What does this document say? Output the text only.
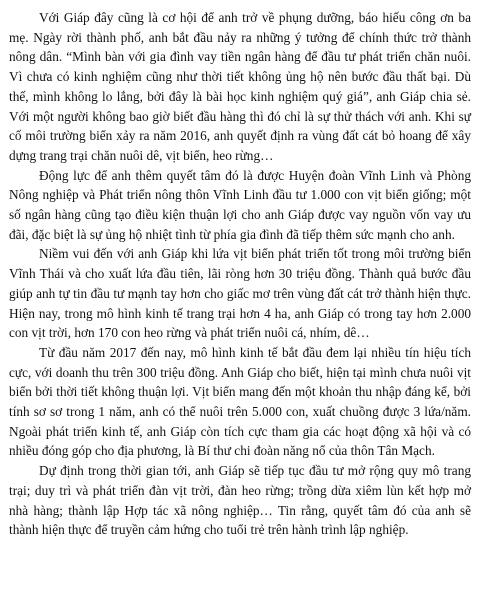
Với Giáp đây cũng là cơ hội để anh trở về phụng dưỡng, báo hiếu công ơn ba mẹ. Ngày rời thành phố, anh bắt đầu nảy ra những ý tưởng để chính thức trở thành nông dân. “Mình bàn với gia đình vay tiền ngân hàng để đầu tư phát triển chăn nuôi. Vì chưa có kinh nghiệm cũng như thời tiết không ủng hộ nên bước đầu thất bại. Dù thế, mình không lo lắng, bởi đây là bài học kinh nghiệm quý giá”, anh Giáp chia sẻ. Với một người không bao giờ biết đầu hàng thì đó chỉ là sự thử thách với anh. Khi sự cố môi trường biển xảy ra năm 2016, anh quyết định ra vùng đất cát bỏ hoang để xây dựng trang trại chăn nuôi dê, vịt biển, heo rừng…

Động lực để anh thêm quyết tâm đó là được Huyện đoàn Vĩnh Linh và Phòng Nông nghiệp và Phát triển nông thôn Vĩnh Linh đầu tư 1.000 con vịt biển giống; một số ngân hàng cũng tạo điều kiện thuận lợi cho anh Giáp được vay nguồn vốn vay ưu đãi, đặc biệt là sự ủng hộ nhiệt tình từ phía gia đình đã tiếp thêm sức mạnh cho anh.

Niềm vui đến với anh Giáp khi lứa vịt biển phát triển tốt trong môi trường biển Vĩnh Thái và cho xuất lứa đầu tiên, lãi ròng hơn 30 triệu đồng. Thành quả bước đầu giúp anh tự tin đầu tư mạnh tay hơn cho giấc mơ trên vùng đất cát trở thành hiện thực. Hiện nay, trong mô hình kinh tế trang trại hơn 4 ha, anh Giáp có trong tay hơn 2.000 con vịt trời, hơn 170 con heo rừng và phát triển nuôi cá, nhím, dê…

Từ đầu năm 2017 đến nay, mô hình kinh tế bắt đầu đem lại nhiều tín hiệu tích cực, với doanh thu trên 300 triệu đồng. Anh Giáp cho biết, hiện tại mình chưa nuôi vịt biển bởi thời tiết không thuận lợi. Vịt biển mang đến một khoản thu nhập đáng kể, bởi tính sơ sơ trong 1 năm, anh có thể nuôi trên 5.000 con, xuất chuồng được 3 lứa/năm. Ngoài phát triển kinh tế, anh Giáp còn tích cực tham gia các hoạt động xã hội và có nhiều đóng góp cho địa phương, là Bí thư chi đoàn năng nổ của thôn Tân Mạch.

Dự định trong thời gian tới, anh Giáp sẽ tiếp tục đầu tư mở rộng quy mô trang trại; duy trì và phát triển đàn vịt trời, đàn heo rừng; trồng dừa xiêm lùn kết hợp mở nhà hàng; thành lập Hợp tác xã nông nghiệp… Tin rằng, quyết tâm đó của anh sẽ thành hiện thực để truyền cảm hứng cho tuổi trẻ trên hành trình lập nghiệp.
